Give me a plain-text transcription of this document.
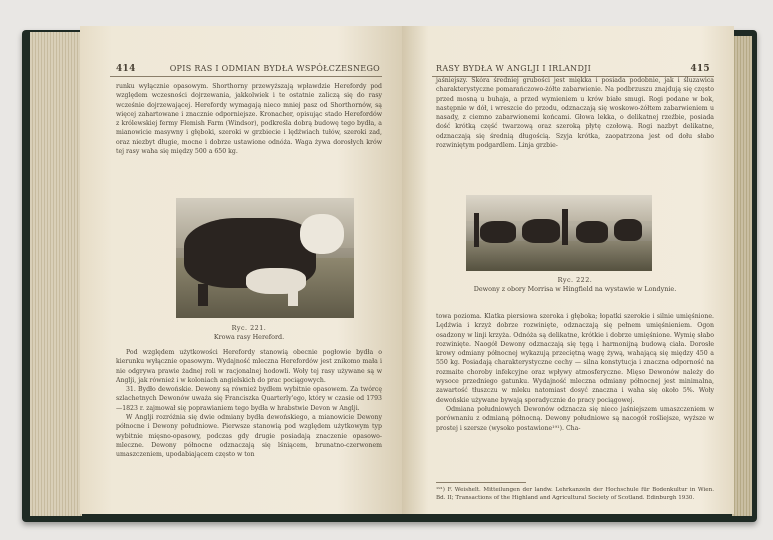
414	OPIS RAS I ODMIAN BYDŁA WSPÓŁCZESNEGO

runku wyłącznie opasowym. Shorthorny przewyższają wpławdzie Herefordy pod względem wczesności dojrzewania, jakkolwiek i te ostatnie zaliczą się do rasy wcześnie dojrzewającej. Herefordy wymagają nieco mniej pasz od Shorthornów, są więcej zahartowane i znacznie odporniejsze. Kronacher, opisując stado Herefordów z królewskiej fermy Flemish Farm (Windsor), podkreśla dobrą budowę tego bydła, a mianowicie masywny i głęboki, szeroki w grzbiecie i lędźwiach tułów, szeroki zad, oraz niezbyt długie, mocne i dobrze ustawione odnóża. Waga żywa dorosłych krów tej rasy waha się między 500 a 650 kg.

Ryc. 221.
Krowa rasy Hereford.

Pod względem użytkowości Herefordy stanowią obecnie pogłowie bydła o kierunku wyłącznie opasowym. Wydajność mleczna Herefordów jest znikomo mała i nie odgrywa prawie żadnej roli w racjonalnej hodowli. Woły tej rasy używane są w Anglji, jak również i w koloniach angielskich do prac pociągowych.

31. Bydło dewońskie. Dewony są również bydłem wybitnie opasowem. Za twórcę szlachetnych Dewonów uważa się Franciszka Quarterly'ego, który w czasie od 1793—1823 r. zajmował się poprawianiem tego bydła w hrabstwie Devon w Anglji.

W Anglji rozróżnia się dwie odmiany bydła dewońskiego, a mianowicie Dewony północne i Dewony południowe. Pierwsze stanowią pod względem użytkowym typ wybitnie mięsno-opasowy, podczas gdy drugie posiadają znaczenie opasowo-mleczne. Dewony północne odznaczają się lśniącem, brunatno-czerwonem umaszczeniem, upodabiającem często w ton

RASY BYDŁA W ANGLJI I IRLANDJI	415

jaśniejszy. Skóra średniej grubości jest miękka i posiada podobnie, jak i śluzawica charakterystyczne pomarańczowo-żółte zabarwienie. Na podbrzuszu znajdują się często przed mosną u buhaja, a przed wymieniem u krów białe smugi. Rogi podane w bok, następnie w dół, i wreszcie do przodu, odznaczają się woskowo-żółtem zabarwieniem u nasady, z ciemno zabarwionemi końcami. Głowa lekka, o delikatnej rzeźbie, posiada dość krótką część twarzową oraz szeroką płytę czołową. Rogi nazbyt delikatne, odznaczają się średnią długością. Szyja krótka, zaopatrzona jest od dołu słabo rozwiniętym podgardlem. Linja grzbie-

Ryc. 222.
Dewony z obory Morrisa w Hingfield na wystawie w Londynie.

towa poziomа. Klatka piersiowa szeroka i głęboka; łopatki szerokie i silnie umięśnione. Lędźwia i krzyż dobrze rozwinięte, odznaczają się pełnem umięśnieniem. Ogon osadzony w linji krzyża. Odnóża są delikatne, krótkie i dobrze umięśnione. Wymię słabo rozwinięte. Naogół Dewony odznaczają się tęgą i harmonijną budową ciała. Dorosłe krowy odmiany północnej wykazują przeciętną wagę żywą, wahającą się między 450 a 550 kg. Posiadają charakterystyczne cechy — silna konstytucja i znaczna odporność na rozmaite choroby infekcyjne oraz wpływy atmosferyczne. Mięso Dewonów należy do wysoce przedniego gatunku. Wydajność mleczna odmiany północnej jest minimalna, zawartość tłuszczu w mleku natomiast dosyć znaczna i waha się około 5%. Woły dewońskie używane bywają sporadycznie do pracy pociągowej.

Odmiana południowych Dewonów odznacza się nieco jaśniejszem umaszczeniem w porównaniu z odmianą północną. Dewony południowe są nacogół rośliejsze, wyższe w prostej i szersze (wysoko postawione¹⁹¹). Cha-

¹⁹¹) F. Weishelt. Mitteilungen der landw. Lehrkanzeln der Hochschule für Bodenkultur in Wien. Bd. II; Transactions of the Highland and Agricultural Society of Scotland. Edinburgh 1930.
